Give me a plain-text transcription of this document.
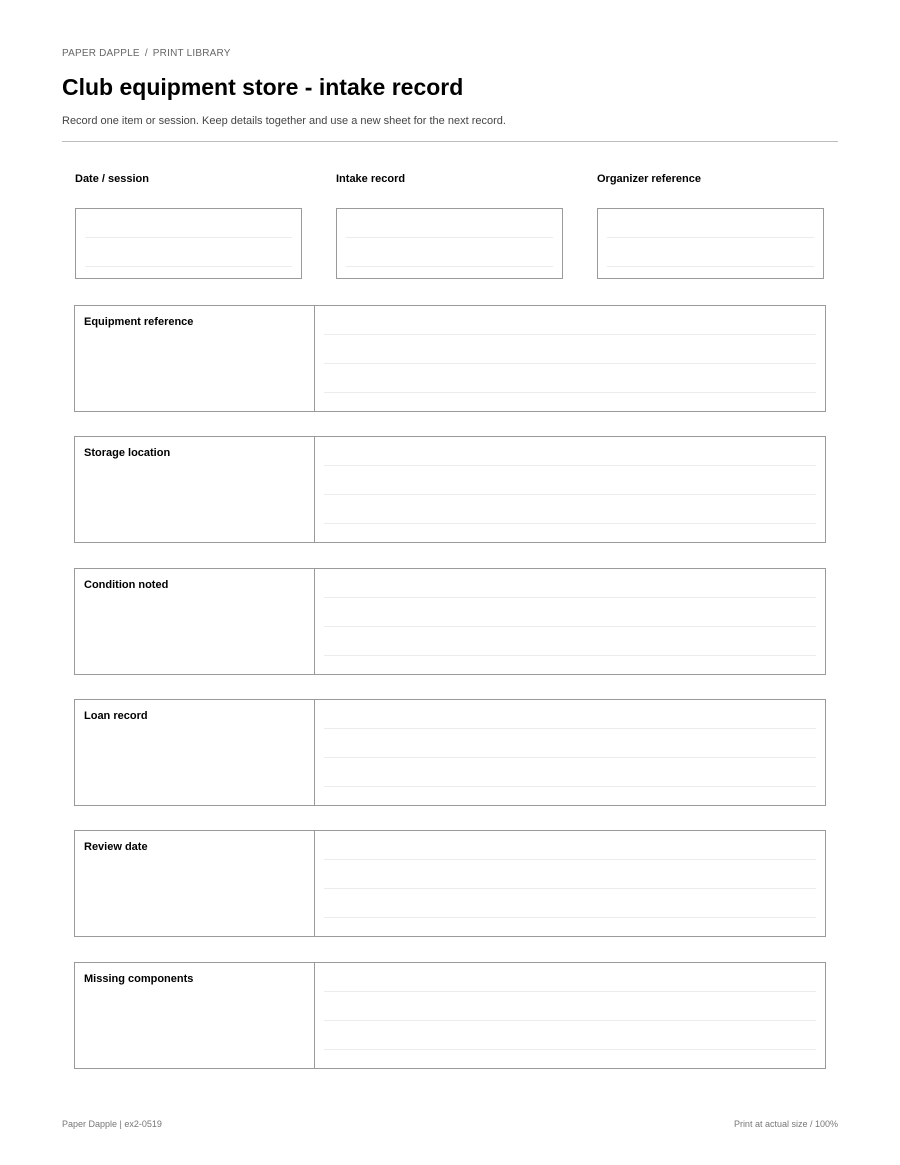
PAPER DAPPLE / PRINT LIBRARY
Club equipment store - intake record
Record one item or session. Keep details together and use a new sheet for the next record.
Date / session	Intake record	Organizer reference
Equipment reference
Storage location
Condition noted
Loan record
Review date
Missing components
Paper Dapple | ex2-0519	Print at actual size / 100%
